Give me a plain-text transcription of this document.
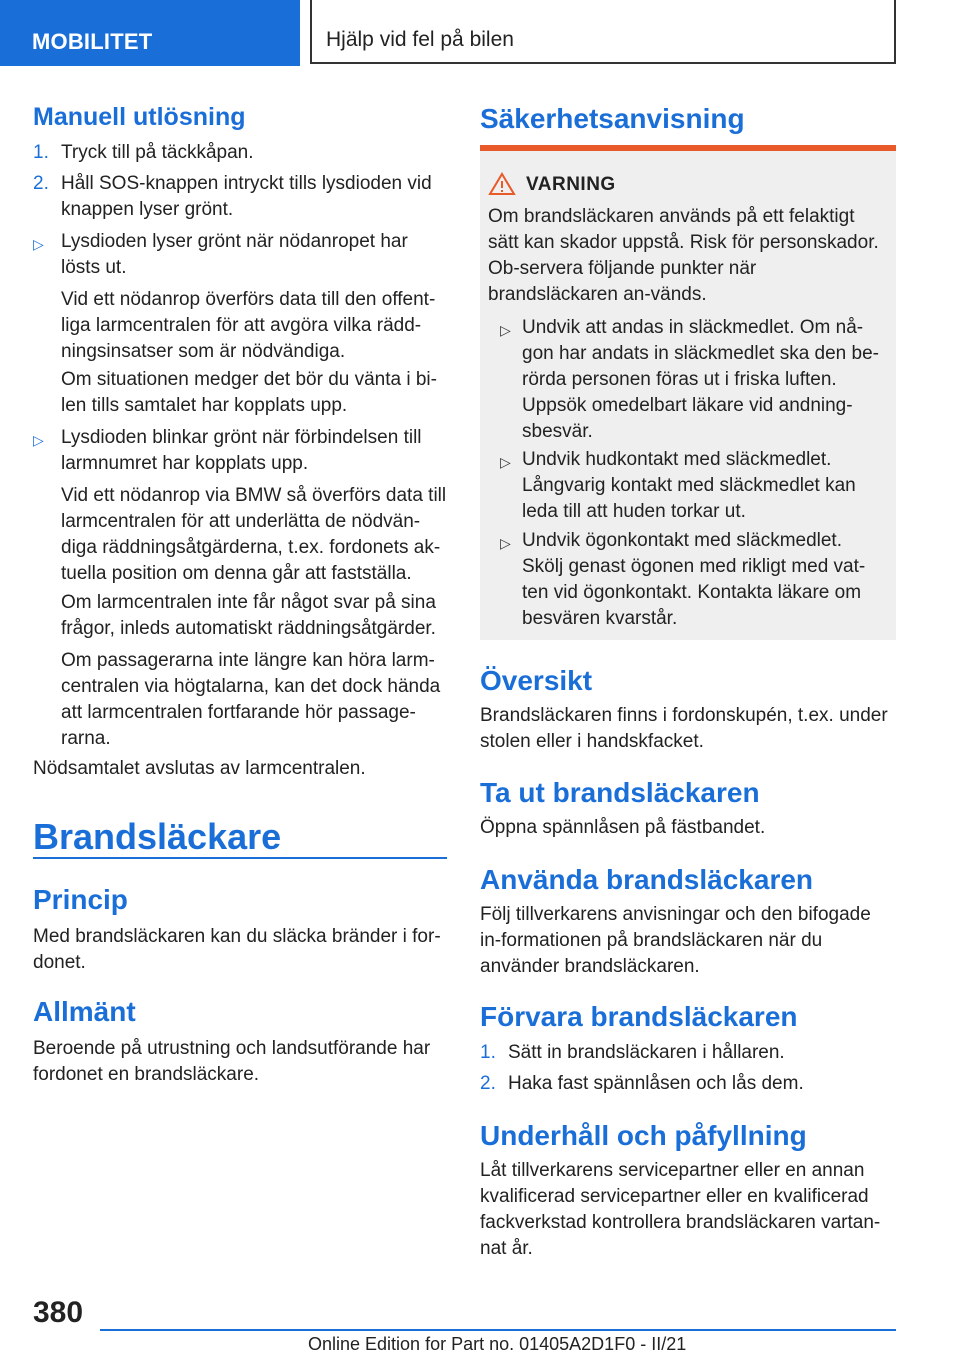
MOBILITET	Hjälp vid fel på bilen
Manuell utlösning
1. Tryck till på täckkåpan.
2. Håll SOS-knappen intryckt tills lysdioden vid knappen lyser grönt.
▷ Lysdioden lyser grönt när nödanropet har lösts ut.
Vid ett nödanrop överförs data till den offent-liga larmcentralen för att avgöra vilka rädd-ningsinsatser som är nödvändiga.
Om situationen medger det bör du vänta i bi-len tills samtalet har kopplats upp.
▷ Lysdioden blinkar grönt när förbindelsen till larmnumret har kopplats upp.
Vid ett nödanrop via BMW så överförs data till larmcentralen för att underlätta de nödvän-diga räddningsåtgärderna, t.ex. fordonets ak-tuella position om denna går att fastställa.
Om larmcentralen inte får något svar på sina frågor, inleds automatiskt räddningsåtgärder.
Om passagerarna inte längre kan höra larm-centralen via högtalarna, kan det dock hända att larmcentralen fortfarande hör passage-rarna.
Nödsamtalet avslutas av larmcentralen.
Brandsläckare
Princip
Med brandsläckaren kan du släcka bränder i for-donet.
Allmänt
Beroende på utrustning och landsutförande har fordonet en brandsläckare.
Säkerhetsanvisning
VARNING
Om brandsläckaren används på ett felaktigt sätt kan skador uppstå. Risk för personskador. Ob-servera följande punkter när brandsläckaren an-vänds.
▷ Undvik att andas in släckmedlet. Om nå-gon har andats in släckmedlet ska den be-rörda personen föras ut i friska luften. Uppsök omedelbart läkare vid andning-sbesvär.
▷ Undvik hudkontakt med släckmedlet. Långvarig kontakt med släckmedlet kan leda till att huden torkar ut.
▷ Undvik ögonkontakt med släckmedlet. Skölj genast ögonen med rikligt med vat-ten vid ögonkontakt. Kontakta läkare om besvären kvarstår.
Översikt
Brandsläckaren finns i fordonskupén, t.ex. under stolen eller i handskfacket.
Ta ut brandsläckaren
Öppna spännlåsen på fästbandet.
Använda brandsläckaren
Följ tillverkarens anvisningar och den bifogade in-formationen på brandsläckaren när du använder brandsläckaren.
Förvara brandsläckaren
1. Sätt in brandsläckaren i hållaren.
2. Haka fast spännlåsen och lås dem.
Underhåll och påfyllning
Låt tillverkarens servicepartner eller en annan kvalificerad servicepartner eller en kvalificerad fackverkstad kontrollera brandsläckaren vartan-nat år.
380
Online Edition for Part no. 01405A2D1F0 - II/21
